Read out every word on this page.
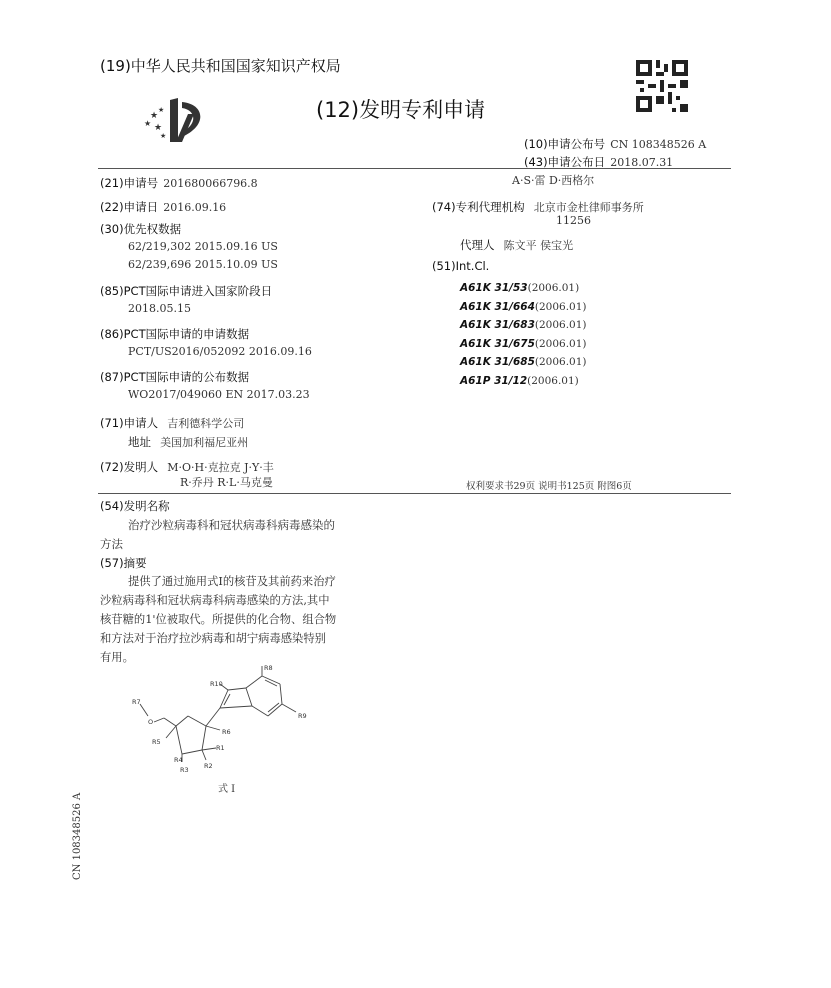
(19)中华人民共和国国家知识产权局
★
★ ★
★
★
(12)发明专利申请
(10)申请公布号 CN 108348526 A
(43)申请公布日 2018.07.31
(21)申请号 201680066796.8
(22)申请日 2016.09.16
(30)优先权数据
62/219,302 2015.09.16 US
62/239,696 2015.10.09 US
(85)PCT国际申请进入国家阶段日
2018.05.15
(86)PCT国际申请的申请数据
PCT/US2016/052092 2016.09.16
(87)PCT国际申请的公布数据
WO2017/049060 EN 2017.03.23
(71)申请人 吉利德科学公司
地址 美国加利福尼亚州
(72)发明人 M·O·H·克拉克 J·Y·丰
R·乔丹 R·L·马克曼
A·S·雷 D·西格尔
(74)专利代理机构 北京市金杜律师事务所
11256
代理人 陈文平 侯宝光
(51)Int.Cl.
A61K 31/53(2006.01)
A61K 31/664(2006.01)
A61K 31/683(2006.01)
A61K 31/675(2006.01)
A61K 31/685(2006.01)
A61P 31/12(2006.01)
权利要求书29页 说明书125页 附图6页
(54)发明名称
治疗沙粒病毒科和冠状病毒科病毒感染的
方法
(57)摘要
提供了通过施用式I的核苷及其前药来治疗
沙粒病毒科和冠状病毒科病毒感染的方法,其中
核苷糖的1'位被取代。所提供的化合物、组合物
和方法对于治疗拉沙病毒和胡宁病毒感染特别
有用。
R7
O
R8
R10
R9
R5
R6
R1
R4
R3 R2
式 I
CN 108348526 A
